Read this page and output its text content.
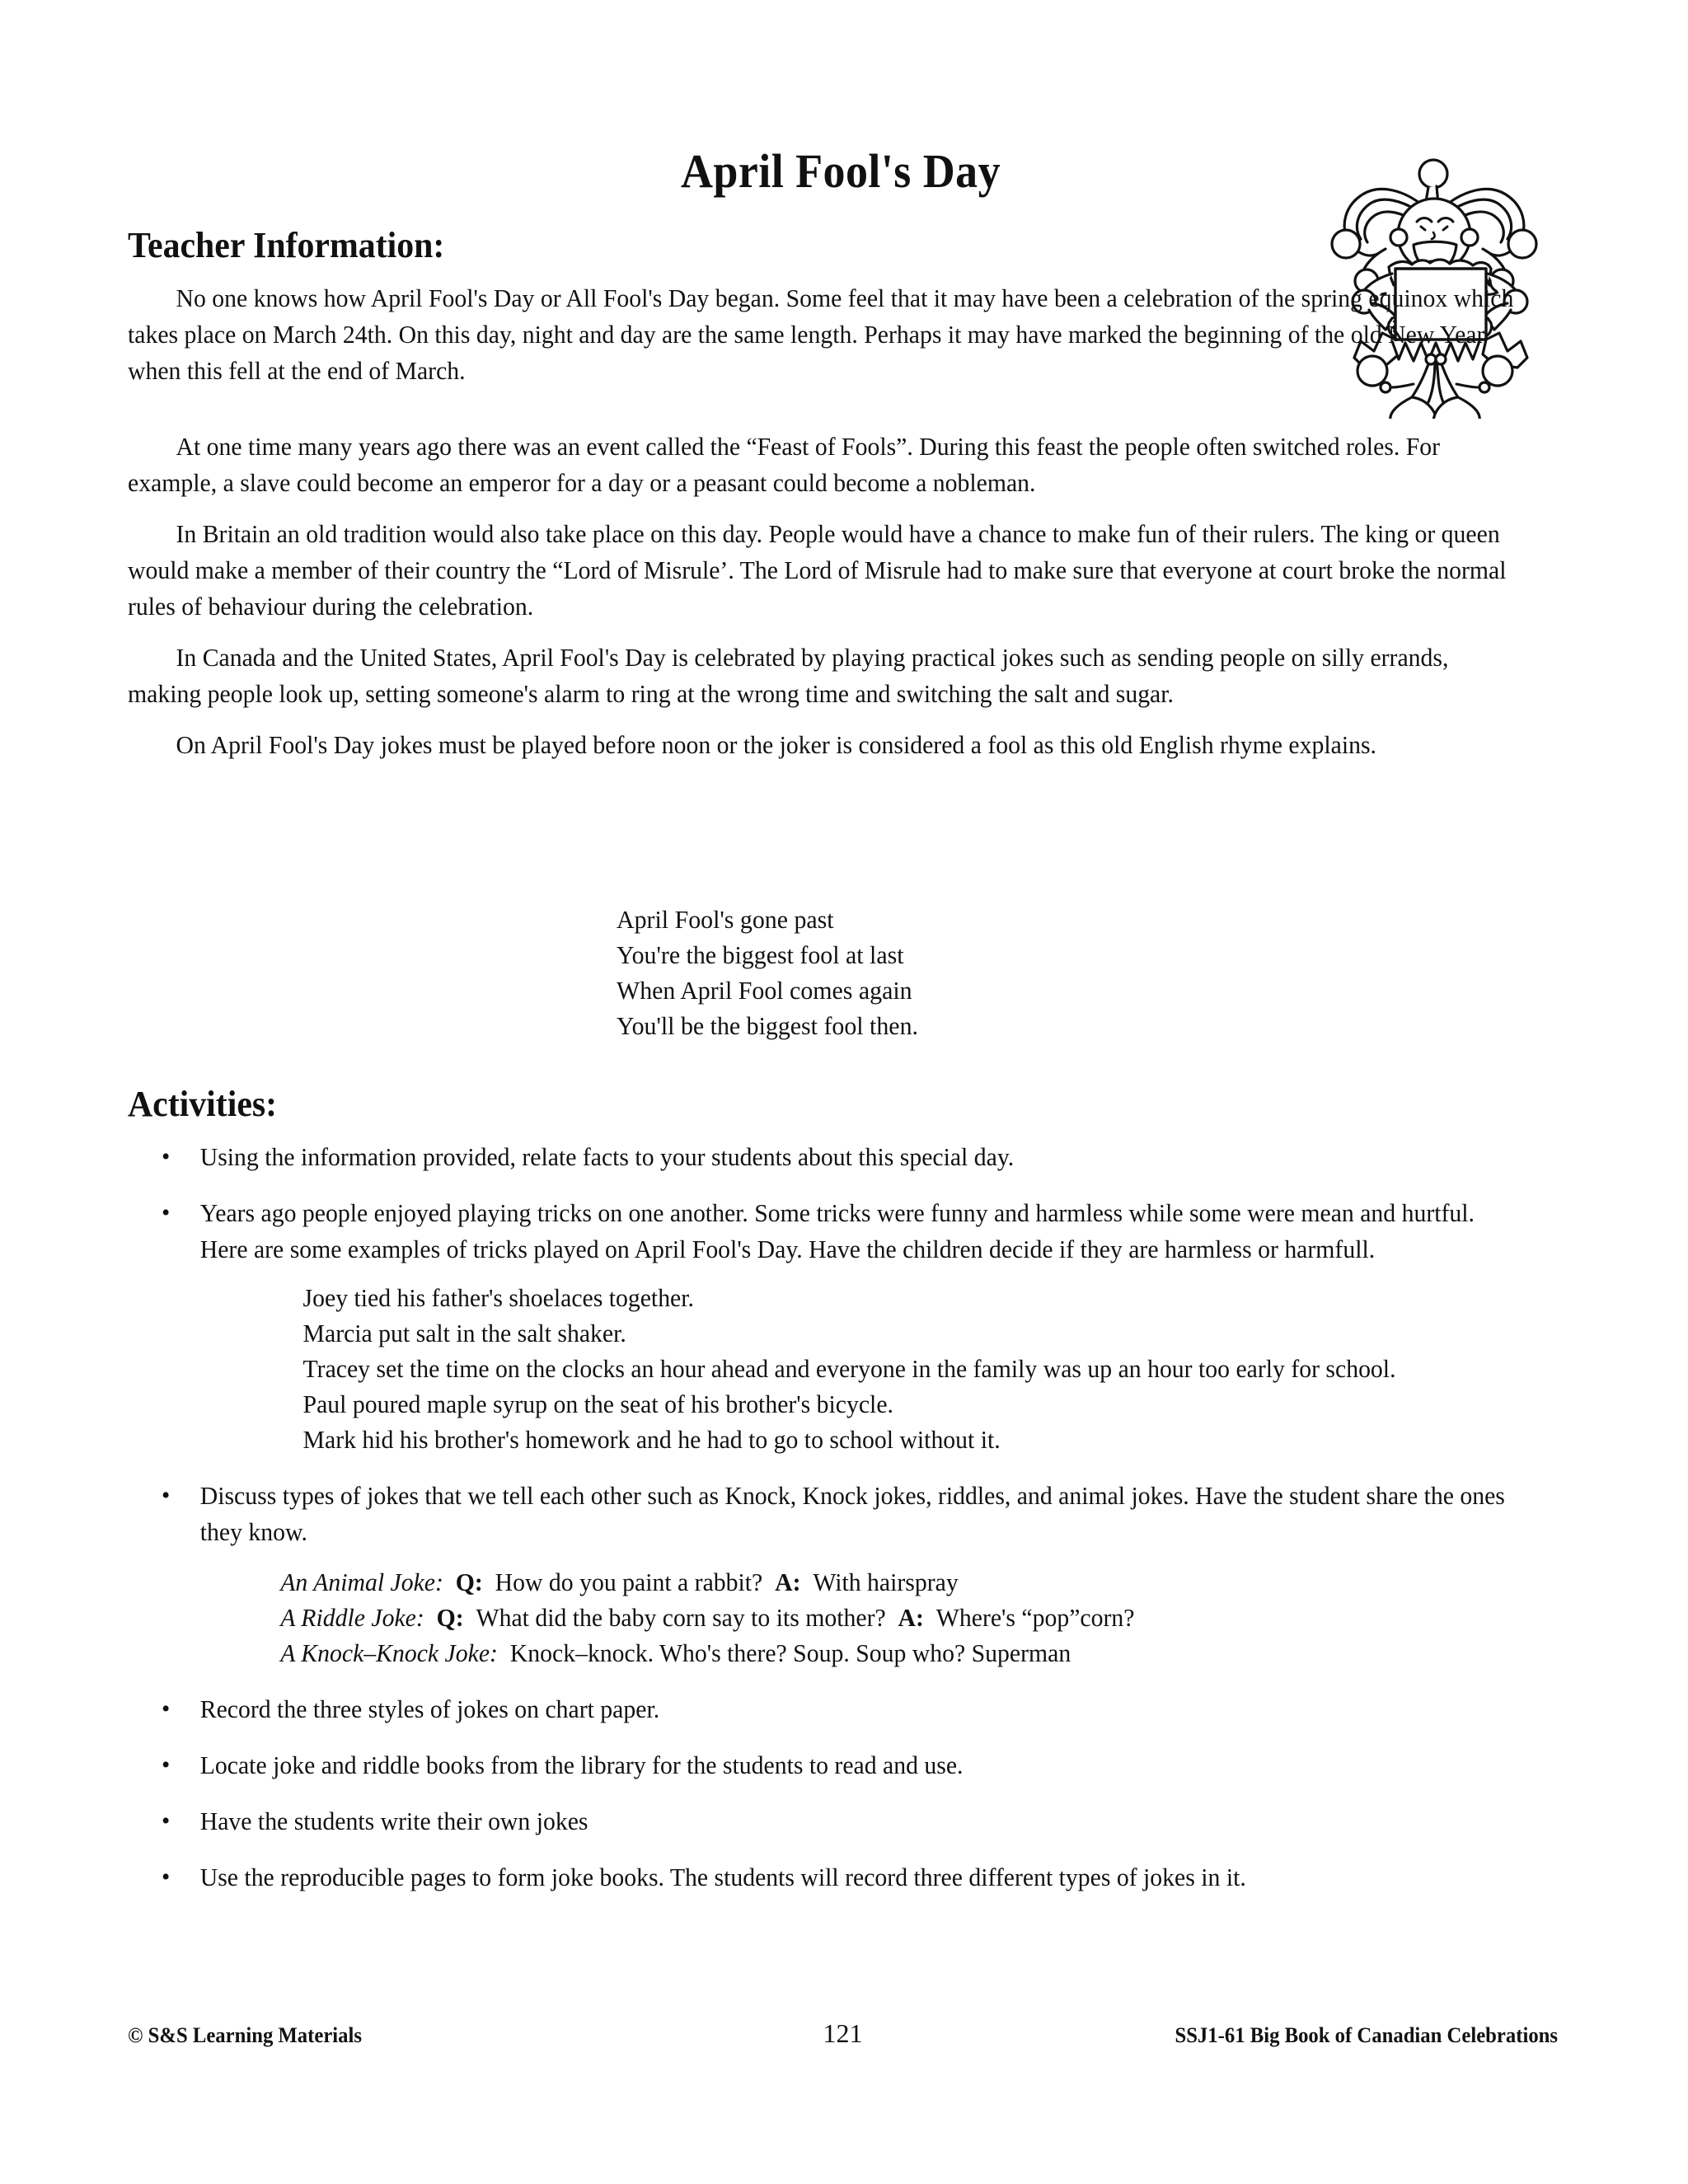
April Fool's Day
Teacher Information:

No one knows how April Fool's Day or All Fool's Day began. Some feel that it may have been a celebration of the spring equinox which takes place on March 24th. On this day, night and day are the same length. Perhaps it may have marked the beginning of the old New Year when this fell at the end of March.

At one time many years ago there was an event called the “Feast of Fools”. During this feast the people often switched roles. For example, a slave could become an emperor for a day or a peasant could become a nobleman.

In Britain an old tradition would also take place on this day. People would have a chance to make fun of their rulers. The king or queen would make a member of their country the “Lord of Misrule’. The Lord of Misrule had to make sure that everyone at court broke the normal rules of behaviour during the celebration.

In Canada and the United States, April Fool's Day is celebrated by playing practical jokes such as sending people on silly errands, making people look up, setting someone's alarm to ring at the wrong time and switching the salt and sugar.

On April Fool's Day jokes must be played before noon or the joker is considered a fool as this old English rhyme explains.

April Fool's gone past
You're the biggest fool at last
When April Fool comes again
You'll be the biggest fool then.
Activities:
• Using the information provided, relate facts to your students about this special day.
• Years ago people enjoyed playing tricks on one another. Some tricks were funny and harmless while some were mean and hurtful. Here are some examples of tricks played on April Fool's Day. Have the children decide if they are harmless or harmfull.
Joey tied his father's shoelaces together.
Marcia put salt in the salt shaker.
Tracey set the time on the clocks an hour ahead and everyone in the family was up an hour too early for school.
Paul poured maple syrup on the seat of his brother's bicycle.
Mark hid his brother's homework and he had to go to school without it.
• Discuss types of jokes that we tell each other such as Knock, Knock jokes, riddles, and animal jokes. Have the student share the ones they know.
An Animal Joke: Q: How do you paint a rabbit? A: With hairspray
A Riddle Joke: Q: What did the baby corn say to its mother? A: Where's “pop”corn?
A Knock–Knock Joke: Knock–knock. Who's there? Soup. Soup who? Superman
• Record the three styles of jokes on chart paper.
• Locate joke and riddle books from the library for the students to read and use.
• Have the students write their own jokes
• Use the reproducible pages to form joke books. The students will record three different types of jokes in it.
© S&S Learning Materials	121	SSJ1-61 Big Book of Canadian Celebrations
